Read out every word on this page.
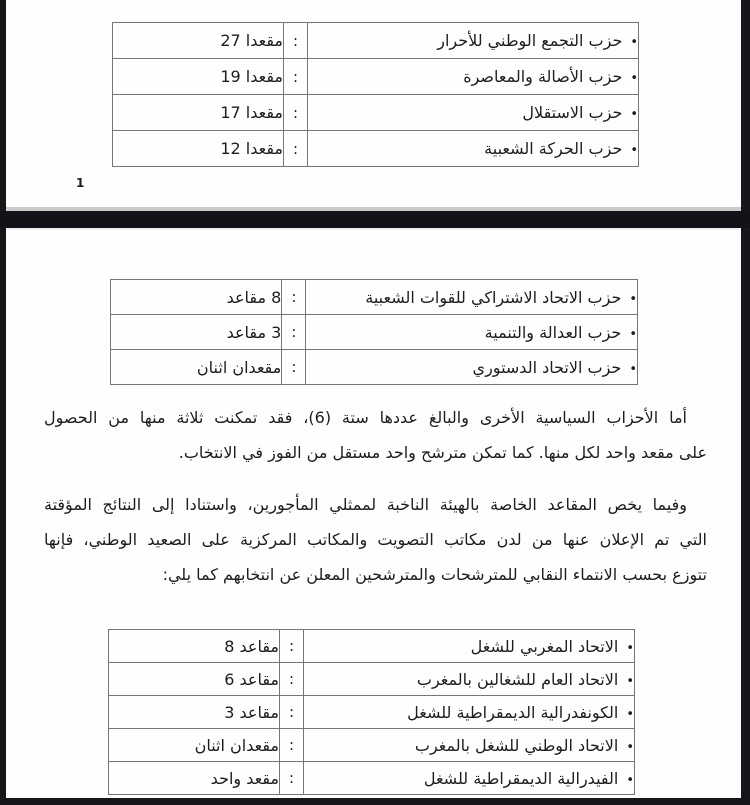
•حزب التجمع الوطني للأحرار	:	27 مقعدا
•حزب الأصالة والمعاصرة	:	19 مقعدا
•حزب الاستقلال	:	17 مقعدا
•حزب الحركة الشعبية	:	12 مقعدا
1
•حزب الاتحاد الاشتراكي للقوات الشعبية	:	8 مقاعد
•حزب العدالة والتنمية	:	3 مقاعد
•حزب الاتحاد الدستوري	:	مقعدان اثنان
أما الأحزاب السياسية الأخرى والبالغ عددها ستة (6)، فقد تمكنت ثلاثة منها من الحصول
على مقعد واحد لكل منها. كما تمكن مترشح واحد مستقل من الفوز في الانتخاب.
وفيما يخص المقاعد الخاصة بالهيئة الناخبة لممثلي المأجورين، واستنادا إلى النتائج المؤقتة
التي تم الإعلان عنها من لدن مكاتب التصويت والمكاتب المركزية على الصعيد الوطني، فإنها
تتوزع بحسب الانتماء النقابي للمترشحات والمترشحين المعلن عن انتخابهم كما يلي:
•الاتحاد المغربي للشغل	:	8 مقاعد
•الاتحاد العام للشغالين بالمغرب	:	6 مقاعد
•الكونفدرالية الديمقراطية للشغل	:	3 مقاعد
•الاتحاد الوطني للشغل بالمغرب	:	مقعدان اثنان
•الفيدرالية الديمقراطية للشغل	:	مقعد واحد
